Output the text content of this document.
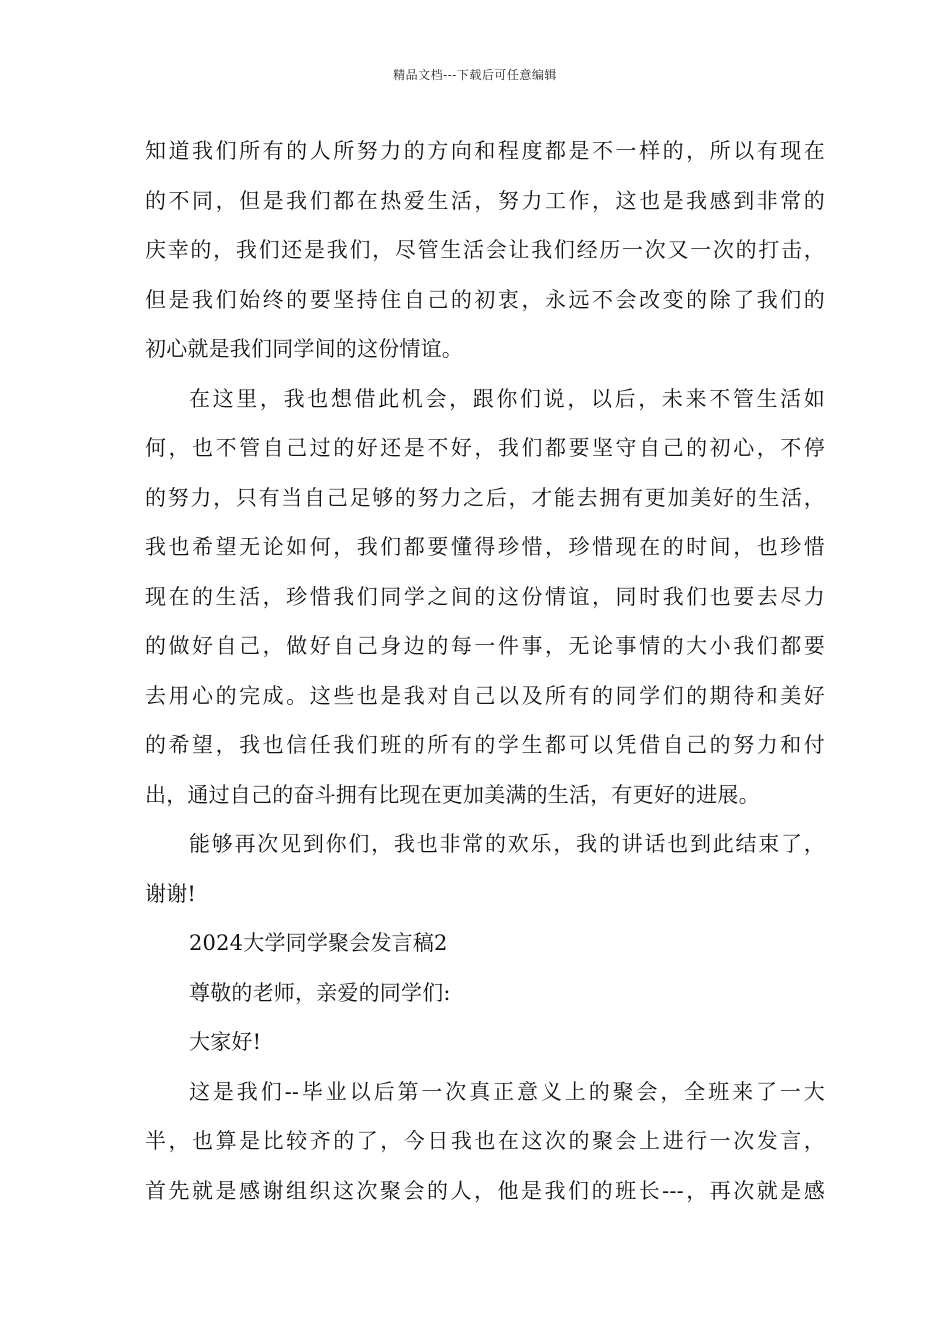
精品文档---下载后可任意编辑
知道我们所有的人所努力的方向和程度都是不一样的，所以有现在
的不同，但是我们都在热爱生活，努力工作，这也是我感到非常的
庆幸的，我们还是我们，尽管生活会让我们经历一次又一次的打击，
但是我们始终的要坚持住自己的初衷，永远不会改变的除了我们的
初心就是我们同学间的这份情谊。
在这里，我也想借此机会，跟你们说，以后，未来不管生活如
何，也不管自己过的好还是不好，我们都要坚守自己的初心，不停
的努力，只有当自己足够的努力之后，才能去拥有更加美好的生活，
我也希望无论如何，我们都要懂得珍惜，珍惜现在的时间，也珍惜
现在的生活，珍惜我们同学之间的这份情谊，同时我们也要去尽力
的做好自己，做好自己身边的每一件事，无论事情的大小我们都要
去用心的完成。这些也是我对自己以及所有的同学们的期待和美好
的希望，我也信任我们班的所有的学生都可以凭借自己的努力和付
出，通过自己的奋斗拥有比现在更加美满的生活，有更好的进展。
能够再次见到你们，我也非常的欢乐，我的讲话也到此结束了，
谢谢!
2024大学同学聚会发言稿2
尊敬的老师，亲爱的同学们:
大家好!
这是我们--毕业以后第一次真正意义上的聚会，全班来了一大
半，也算是比较齐的了，今日我也在这次的聚会上进行一次发言，
首先就是感谢组织这次聚会的人，他是我们的班长---，再次就是感
